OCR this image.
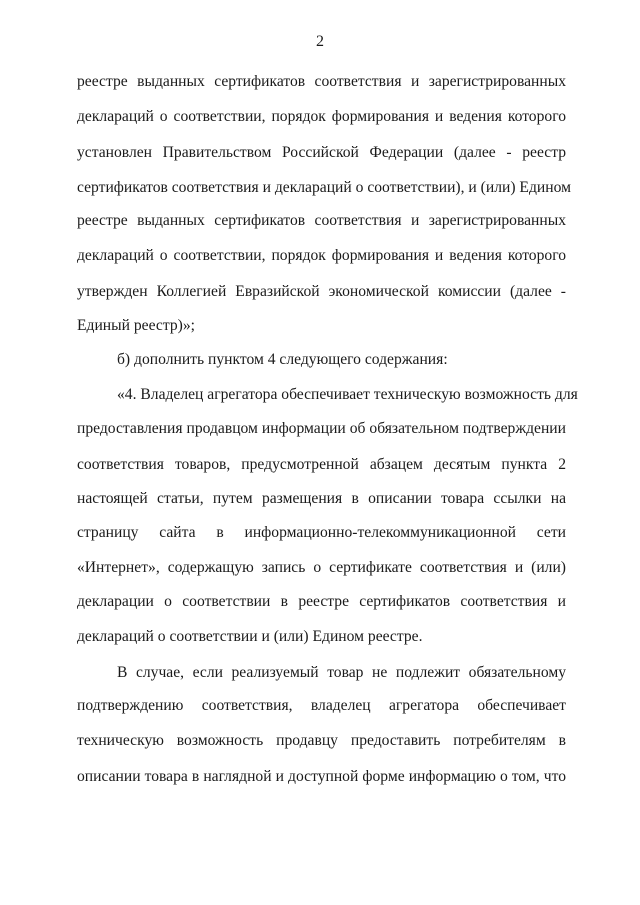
2
реестре выданных сертификатов соответствия и зарегистрированных
деклараций о соответствии, порядок формирования и ведения которого
установлен Правительством Российской Федерации (далее - реестр
сертификатов соответствия и деклараций о соответствии), и (или) Едином
реестре выданных сертификатов соответствия и зарегистрированных
деклараций о соответствии, порядок формирования и ведения которого
утвержден Коллегией Евразийской экономической комиссии (далее -
Единый реестр)»;
б) дополнить пунктом 4 следующего содержания:
«4. Владелец агрегатора обеспечивает техническую возможность для
предоставления продавцом информации об обязательном подтверждении
соответствия товаров, предусмотренной абзацем десятым пункта 2
настоящей статьи, путем размещения в описании товара ссылки на
страницу сайта в информационно-телекоммуникационной сети
«Интернет», содержащую запись о сертификате соответствия и (или)
декларации о соответствии в реестре сертификатов соответствия и
деклараций о соответствии и (или) Едином реестре.
В случае, если реализуемый товар не подлежит обязательному
подтверждению соответствия, владелец агрегатора обеспечивает
техническую возможность продавцу предоставить потребителям в
описании товара в наглядной и доступной форме информацию о том, что
